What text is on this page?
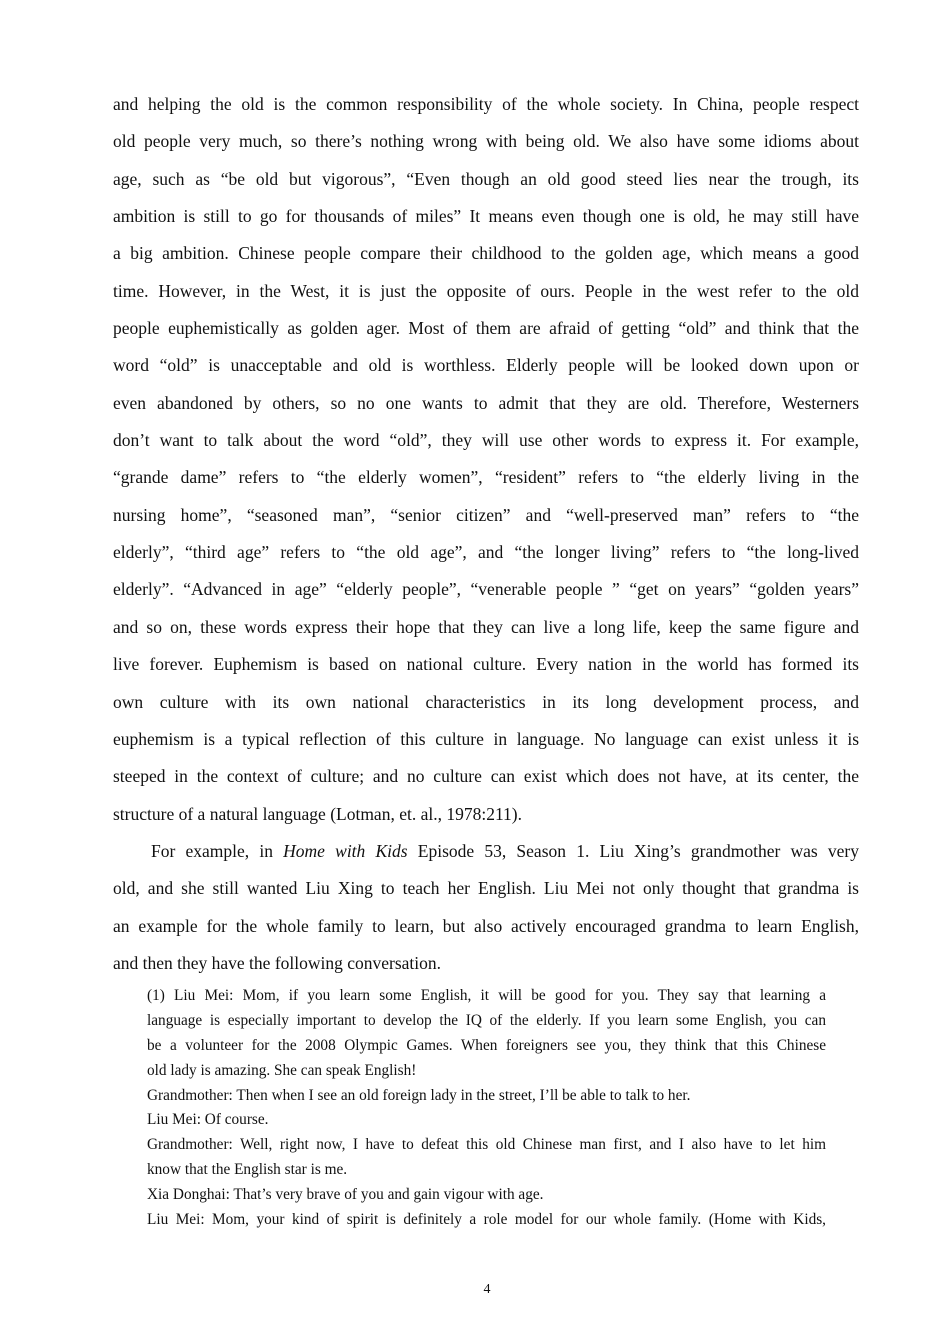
and helping the old is the common responsibility of the whole society. In China, people respect
old people very much, so there’s nothing wrong with being old. We also have some idioms about
age, such as “be old but vigorous”, “Even though an old good steed lies near the trough, its
ambition is still to go for thousands of miles” It means even though one is old, he may still have
a big ambition. Chinese people compare their childhood to the golden age, which means a good
time. However, in the West, it is just the opposite of ours. People in the west refer to the old
people euphemistically as golden ager. Most of them are afraid of getting “old” and think that the
word “old” is unacceptable and old is worthless. Elderly people will be looked down upon or
even abandoned by others, so no one wants to admit that they are old. Therefore, Westerners
don’t want to talk about the word “old”, they will use other words to express it. For example,
“grande dame” refers to “the elderly women”, “resident” refers to “the elderly living in the
nursing home”, “seasoned man”, “senior citizen” and “well-preserved man” refers to “the
elderly”, “third age” refers to “the old age”, and “the longer living” refers to “the long-lived
elderly”. “Advanced in age” “elderly people”, “venerable people ” “get on years” “golden years”
and so on, these words express their hope that they can live a long life, keep the same figure and
live forever. Euphemism is based on national culture. Every nation in the world has formed its
own culture with its own national characteristics in its long development process, and
euphemism is a typical reflection of this culture in language. No language can exist unless it is
steeped in the context of culture; and no culture can exist which does not have, at its center, the
structure of a natural language (Lotman, et. al., 1978:211).
For example, in Home with Kids Episode 53, Season 1. Liu Xing’s grandmother was very
old, and she still wanted Liu Xing to teach her English. Liu Mei not only thought that grandma is
an example for the whole family to learn, but also actively encouraged grandma to learn English,
and then they have the following conversation.
(1) Liu Mei: Mom, if you learn some English, it will be good for you. They say that learning a
language is especially important to develop the IQ of the elderly. If you learn some English, you can
be a volunteer for the 2008 Olympic Games. When foreigners see you, they think that this Chinese
old lady is amazing. She can speak English!
Grandmother: Then when I see an old foreign lady in the street, I’ll be able to talk to her.
Liu Mei: Of course.
Grandmother: Well, right now, I have to defeat this old Chinese man first, and I also have to let him
know that the English star is me.
Xia Donghai: That’s very brave of you and gain vigour with age.
Liu Mei: Mom, your kind of spirit is definitely a role model for our whole family. (Home with Kids,
4
